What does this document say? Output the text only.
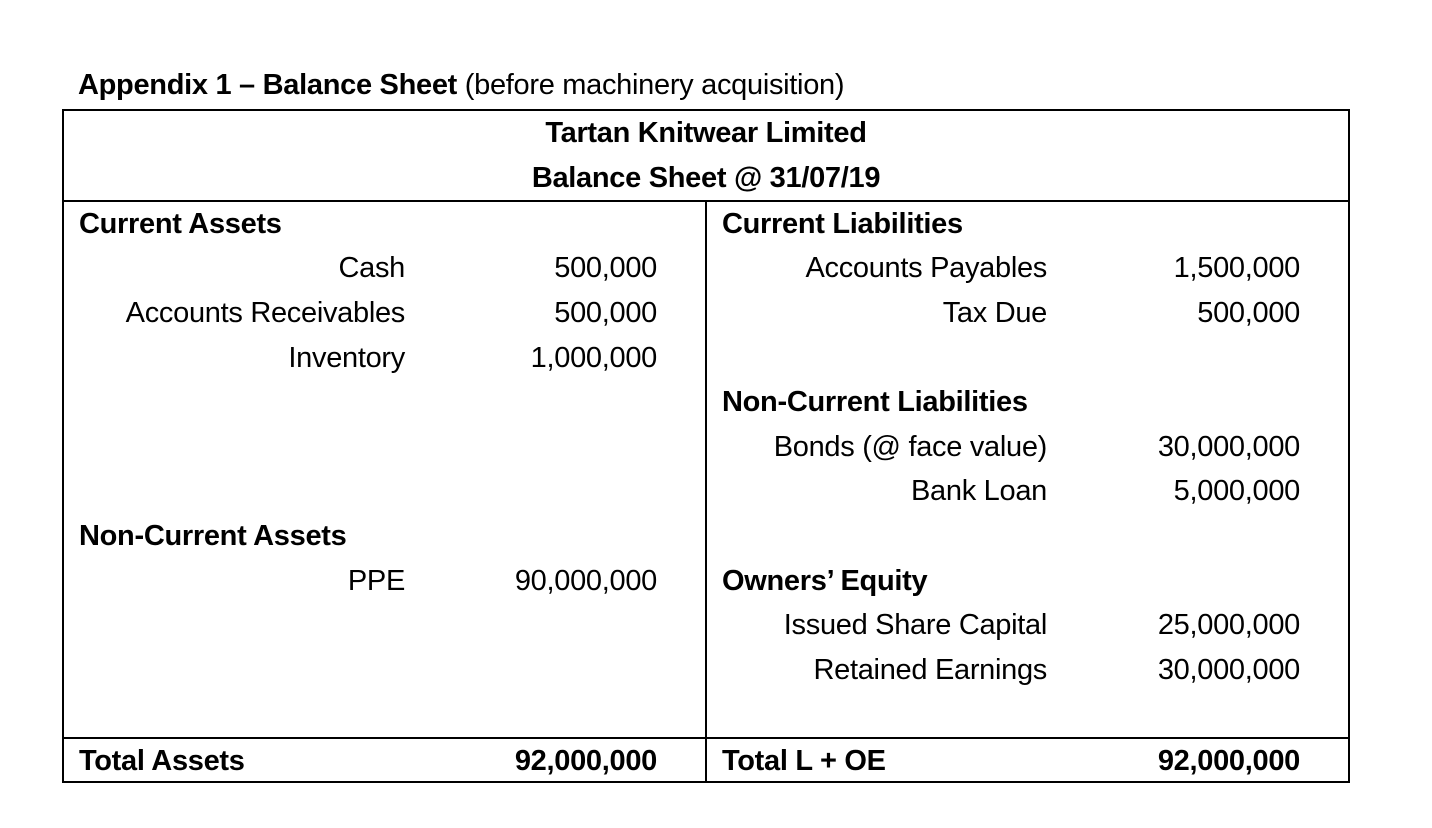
Appendix 1 – Balance Sheet (before machinery acquisition)
Tartan Knitwear Limited
Balance Sheet @ 31/07/19
Current Assets
Cash	500,000
Accounts Receivables	500,000
Inventory	1,000,000
Non-Current Assets
PPE	90,000,000
Total Assets	92,000,000
Current Liabilities
Accounts Payables	1,500,000
Tax Due	500,000
Non-Current Liabilities
Bonds (@ face value)	30,000,000
Bank Loan	5,000,000
Owners’ Equity
Issued Share Capital	25,000,000
Retained Earnings	30,000,000
Total L + OE	92,000,000
